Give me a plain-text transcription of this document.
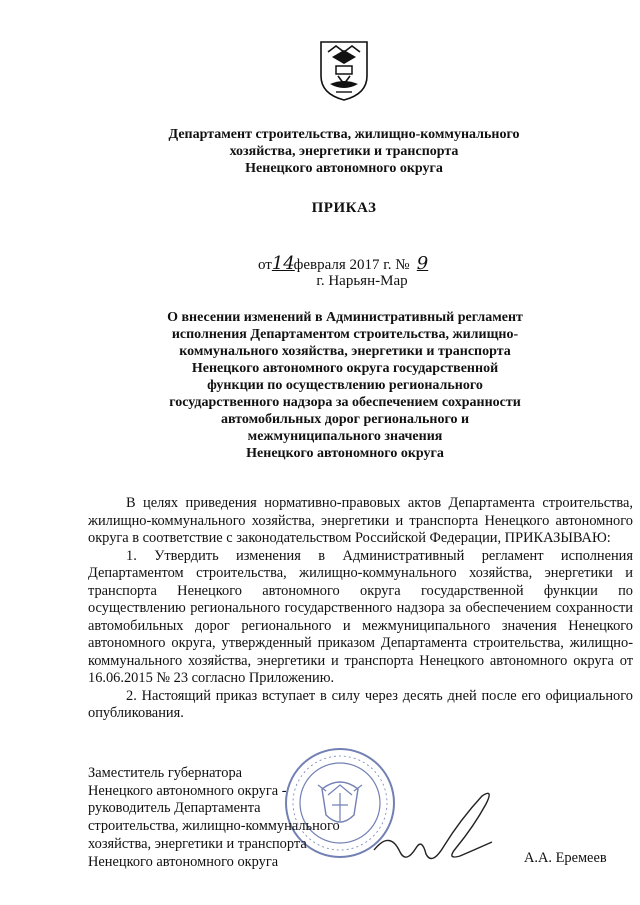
Департамент строительства, жилищно-коммунального
хозяйства, энергетики и транспорта
Ненецкого автономного округа
ПРИКАЗ
от14 февраля 2017 г. № 9
г. Нарьян-Мар
О внесении изменений в Административный регламент
исполнения Департаментом строительства, жилищно-
коммунального хозяйства, энергетики и транспорта
Ненецкого автономного округа государственной
функции по осуществлению регионального
государственного надзора за обеспечением сохранности
автомобильных дорог регионального и
межмуниципального значения
Ненецкого автономного округа

В целях приведения нормативно-правовых актов Департамента строительства, жилищно-коммунального хозяйства, энергетики и транспорта Ненецкого автономного округа в соответствие с законодательством Российской Федерации, ПРИКАЗЫВАЮ:

1. Утвердить изменения в Административный регламент исполнения Департаментом строительства, жилищно-коммунального хозяйства, энергетики и транспорта Ненецкого автономного округа государственной функции по осуществлению регионального государственного надзора за обеспечением сохранности автомобильных дорог регионального и межмуниципального значения Ненецкого автономного округа, утвержденный приказом Департамента строительства, жилищно-коммунального хозяйства, энергетики и транспорта Ненецкого автономного округа от 16.06.2015 № 23 согласно Приложению.

2. Настоящий приказ вступает в силу через десять дней после его официального опубликования.

Заместитель губернатора
Ненецкого автономного округа -
руководитель Департамента
строительства, жилищно-коммунального
хозяйства, энергетики и транспорта
Ненецкого автономного округа	А.А. Еремеев
